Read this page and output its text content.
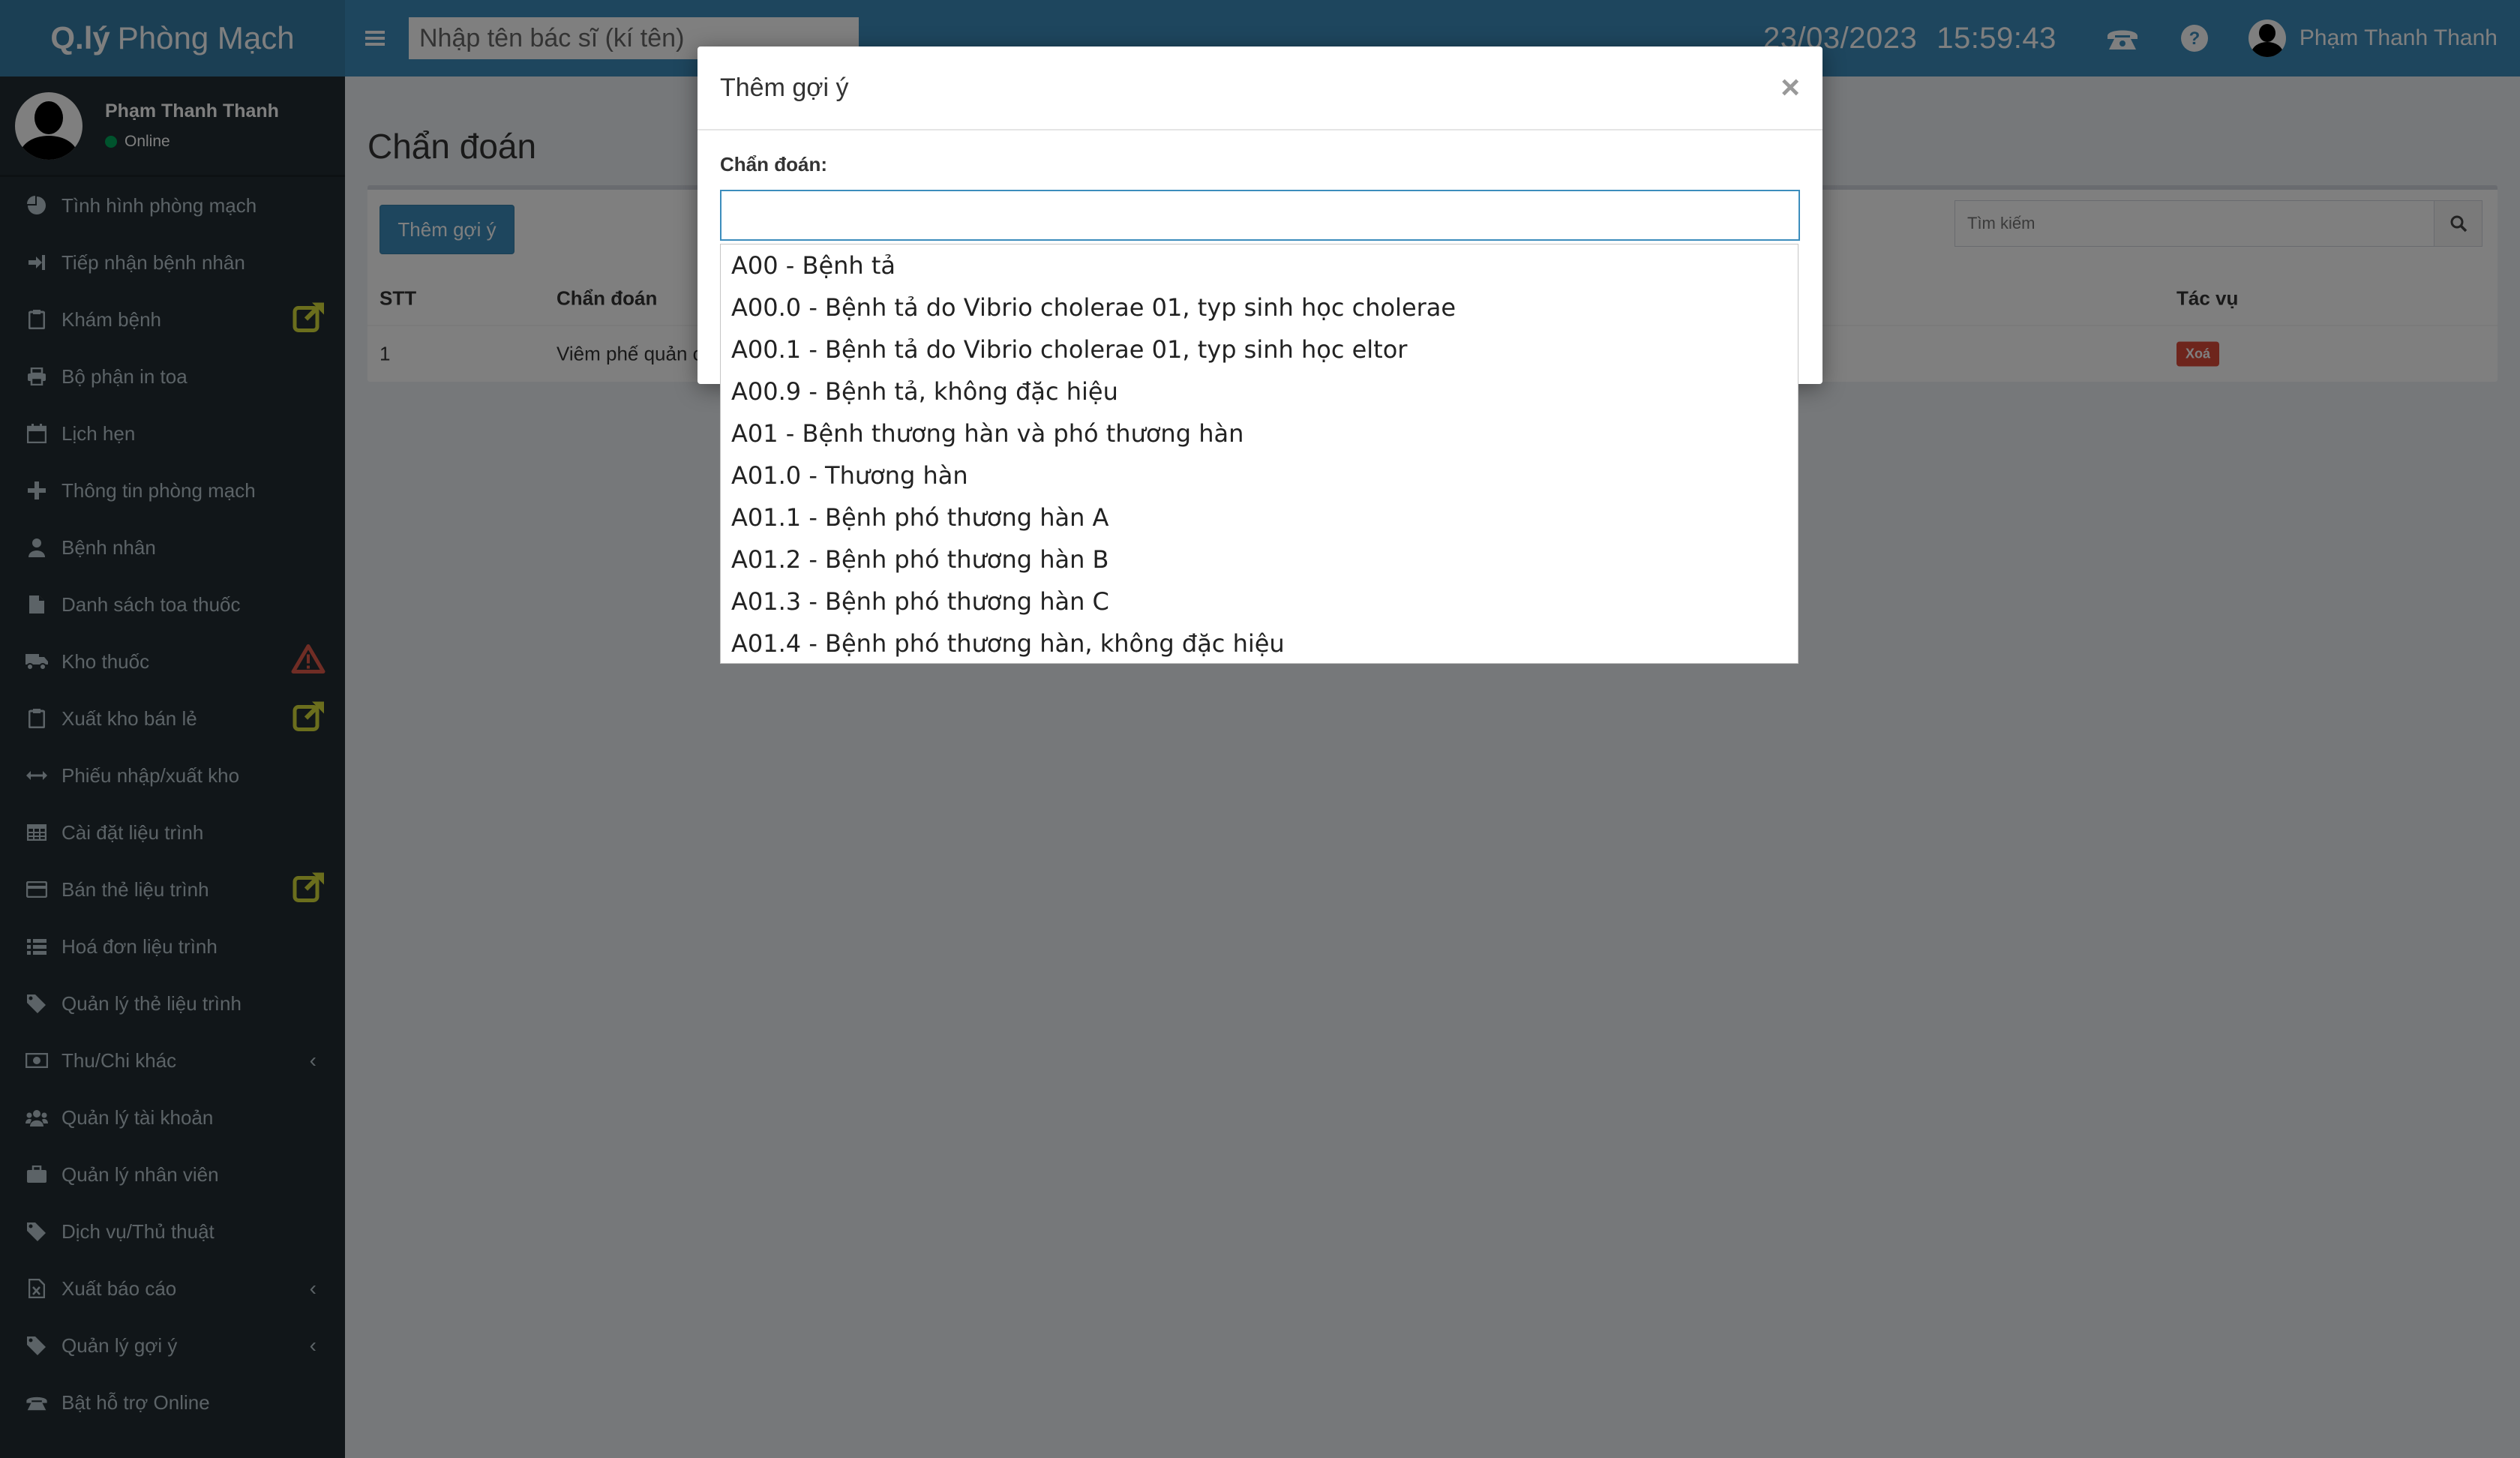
Nhập tên bác sĩ (kí tên)
Tìm kiếm
Thêm gợi ý	×
Chẩn đoán:
A00 - Bệnh tả
A00.0 - Bệnh tả do Vibrio cholerae 01, typ sinh học cholerae
A00.1 - Bệnh tả do Vibrio cholerae 01, typ sinh học eltor
A00.9 - Bệnh tả, không đặc hiệu
A01 - Bệnh thương hàn và phó thương hàn
A01.0 - Thương hàn
A01.1 - Bệnh phó thương hàn A
A01.2 - Bệnh phó thương hàn B
A01.3 - Bệnh phó thương hàn C
A01.4 - Bệnh phó thương hàn, không đặc hiệu
